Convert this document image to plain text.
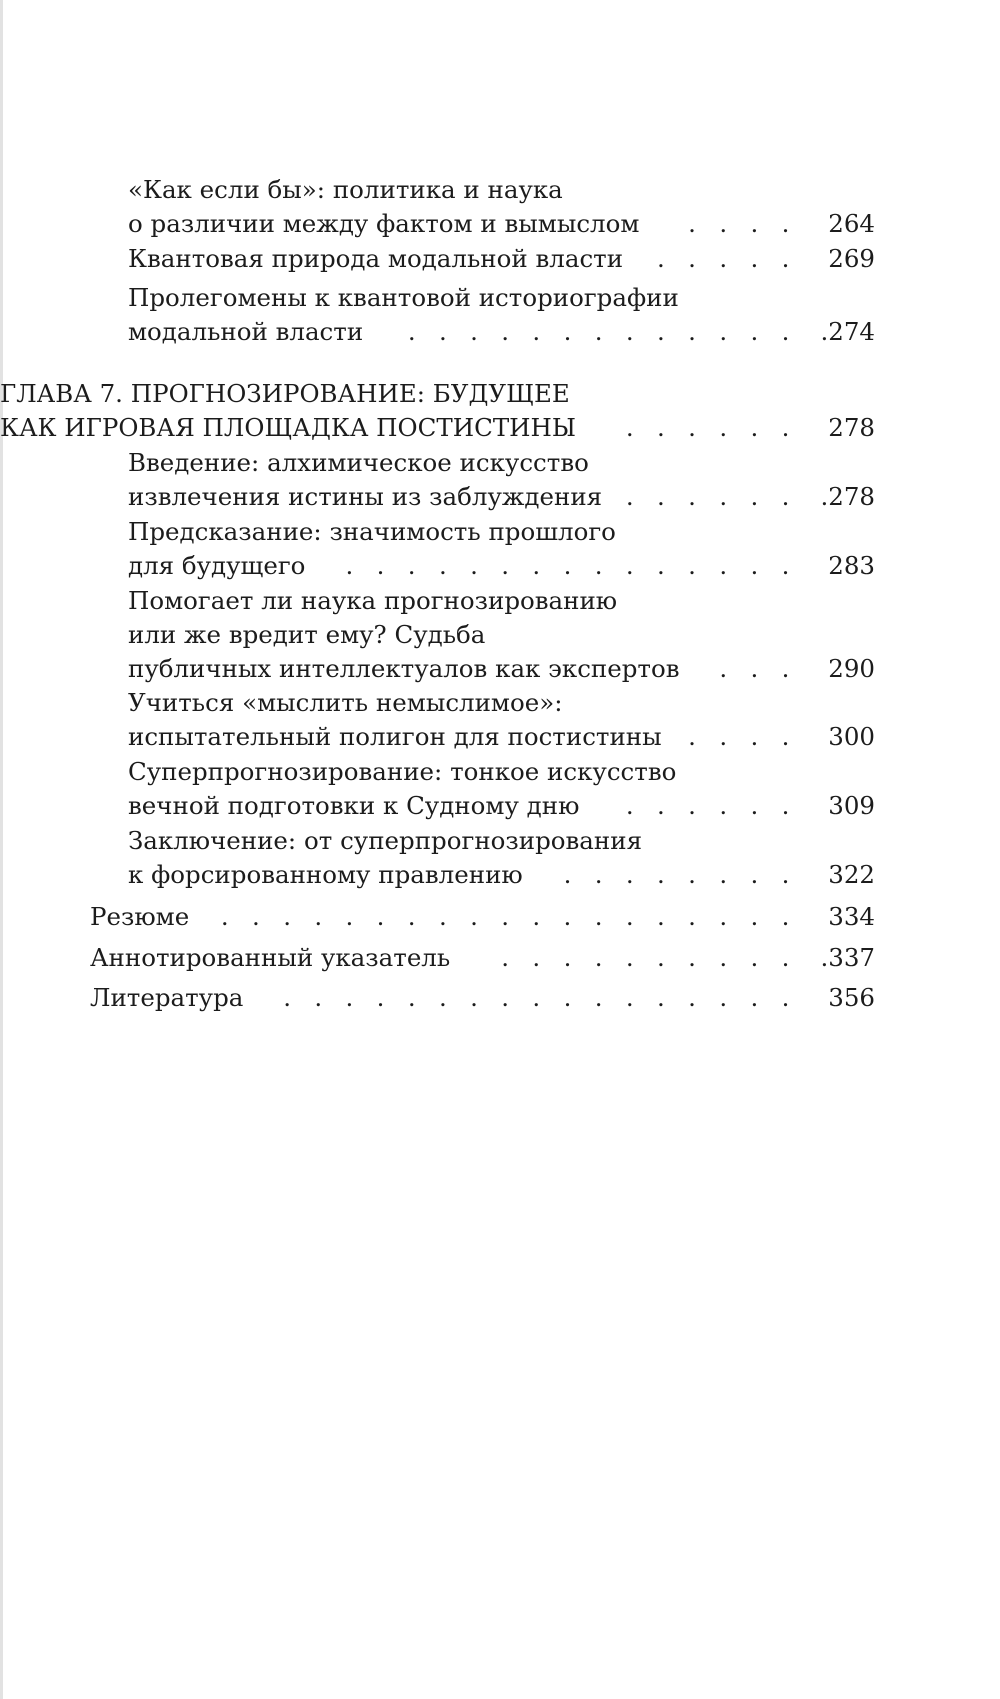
«Как если бы»: политика и наука
о различии между фактом и вымыслом	.   .   .   . 264
Квантовая природа модальной власти	.   .   .   .   . 269
Пролегомены к квантовой историографии
модальной власти	.   .   .   .   .   .   .   .   .   .   .   .   . .274
ГЛАВА 7. ПРОГНОЗИРОВАНИЕ: БУДУЩЕЕ
КАК ИГРОВАЯ ПЛОЩАДКА ПОСТИСТИНЫ	.   .   .   .   .   . 278
Введение: алхимическое искусство
извлечения истины из заблуждения .   .   .   .   .   . .278
Предсказание: значимость прошлого
для будущего	.   .   .   .   .   .   .   .   .   .   .   .   .   .   . 283
Помогает ли наука прогнозированию
или же вредит ему? Судьба
публичных интеллектуалов как экспертов	.   .   . 290
Учиться «мыслить немыслимое»:
испытательный полигон для постистины .   .   .   . 300
Суперпрогнозирование: тонкое искусство
вечной подготовки к Судному дню	.   .   .   .   .   . 309
Заключение: от суперпрогнозирования
к форсированному правлению	.   .   .   .   .   .   .   . 322
Резюме .   .   .   .   .   .   .   .   .   .   .   .   .   .   .   .   .   .   . 334
Аннотированный указатель	.   .   .   .   .   .   .   .   .   . .337
Литература	.   .   .   .   .   .   .   .   .   .   .   .   .   .   .   .   . 356
